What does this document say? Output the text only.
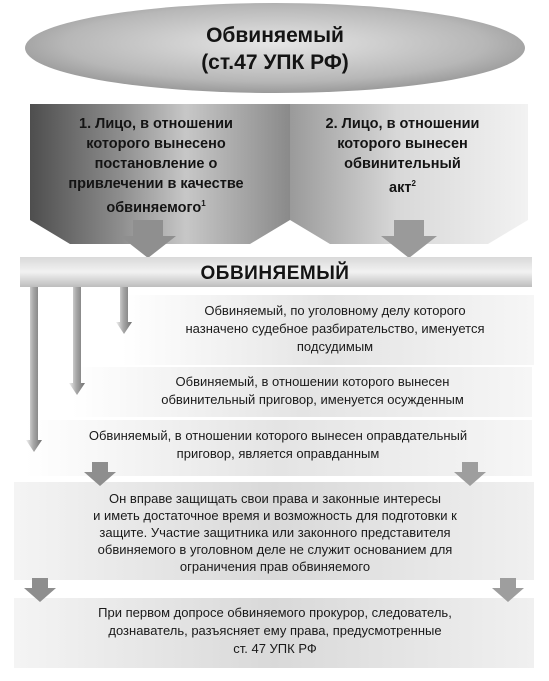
Обвиняемый
(ст.47 УПК РФ)
1. Лицо, в отношении
которого вынесено
постановление о
привлечении в качестве
обвиняемого$^1$
2. Лицо, в отношении
которого вынесен
обвинительный
акт$^2$
ОБВИНЯЕМЫЙ
Обвиняемый, по уголовному делу которого
назначено судебное разбирательство, именуется
подсудимым
Обвиняемый, в отношении которого вынесен
обвинительный приговор, именуется осужденным
Обвиняемый, в отношении которого вынесен оправдательный
приговор, является оправданным
Он вправе защищать свои права и законные интересы
и иметь достаточное время и возможность для подготовки к
защите. Участие защитника или законного представителя
обвиняемого в уголовном деле не служит основанием для
ограничения прав обвиняемого
При первом допросе обвиняемого прокурор, следователь,
дознаватель, разъясняет ему права, предусмотренные
ст. 47 УПК РФ
